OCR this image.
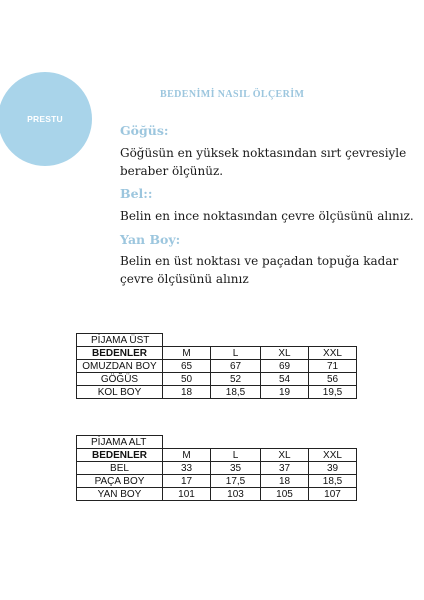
PRESTU
BEDENİMİ NASIL ÖLÇERİM
Göğüs:
Göğüsün en yüksek noktasından sırt çevresiyle beraber ölçünüz.
Bel::
Belin en ince noktasından çevre ölçüsünü alınız.
Yan Boy:
Belin en üst noktası ve paçadan topuğa kadar çevre ölçüsünü alınız
PİJAMA ÜST				
BEDENLER	M	L	XL	XXL
OMUZDAN BOY	65	67	69	71
GÖĞÜS	50	52	54	56
KOL BOY	18	18,5	19	19,5
PİJAMA ALT				
BEDENLER	M	L	XL	XXL
BEL	33	35	37	39
PAÇA BOY	17	17,5	18	18,5
YAN BOY	101	103	105	107
